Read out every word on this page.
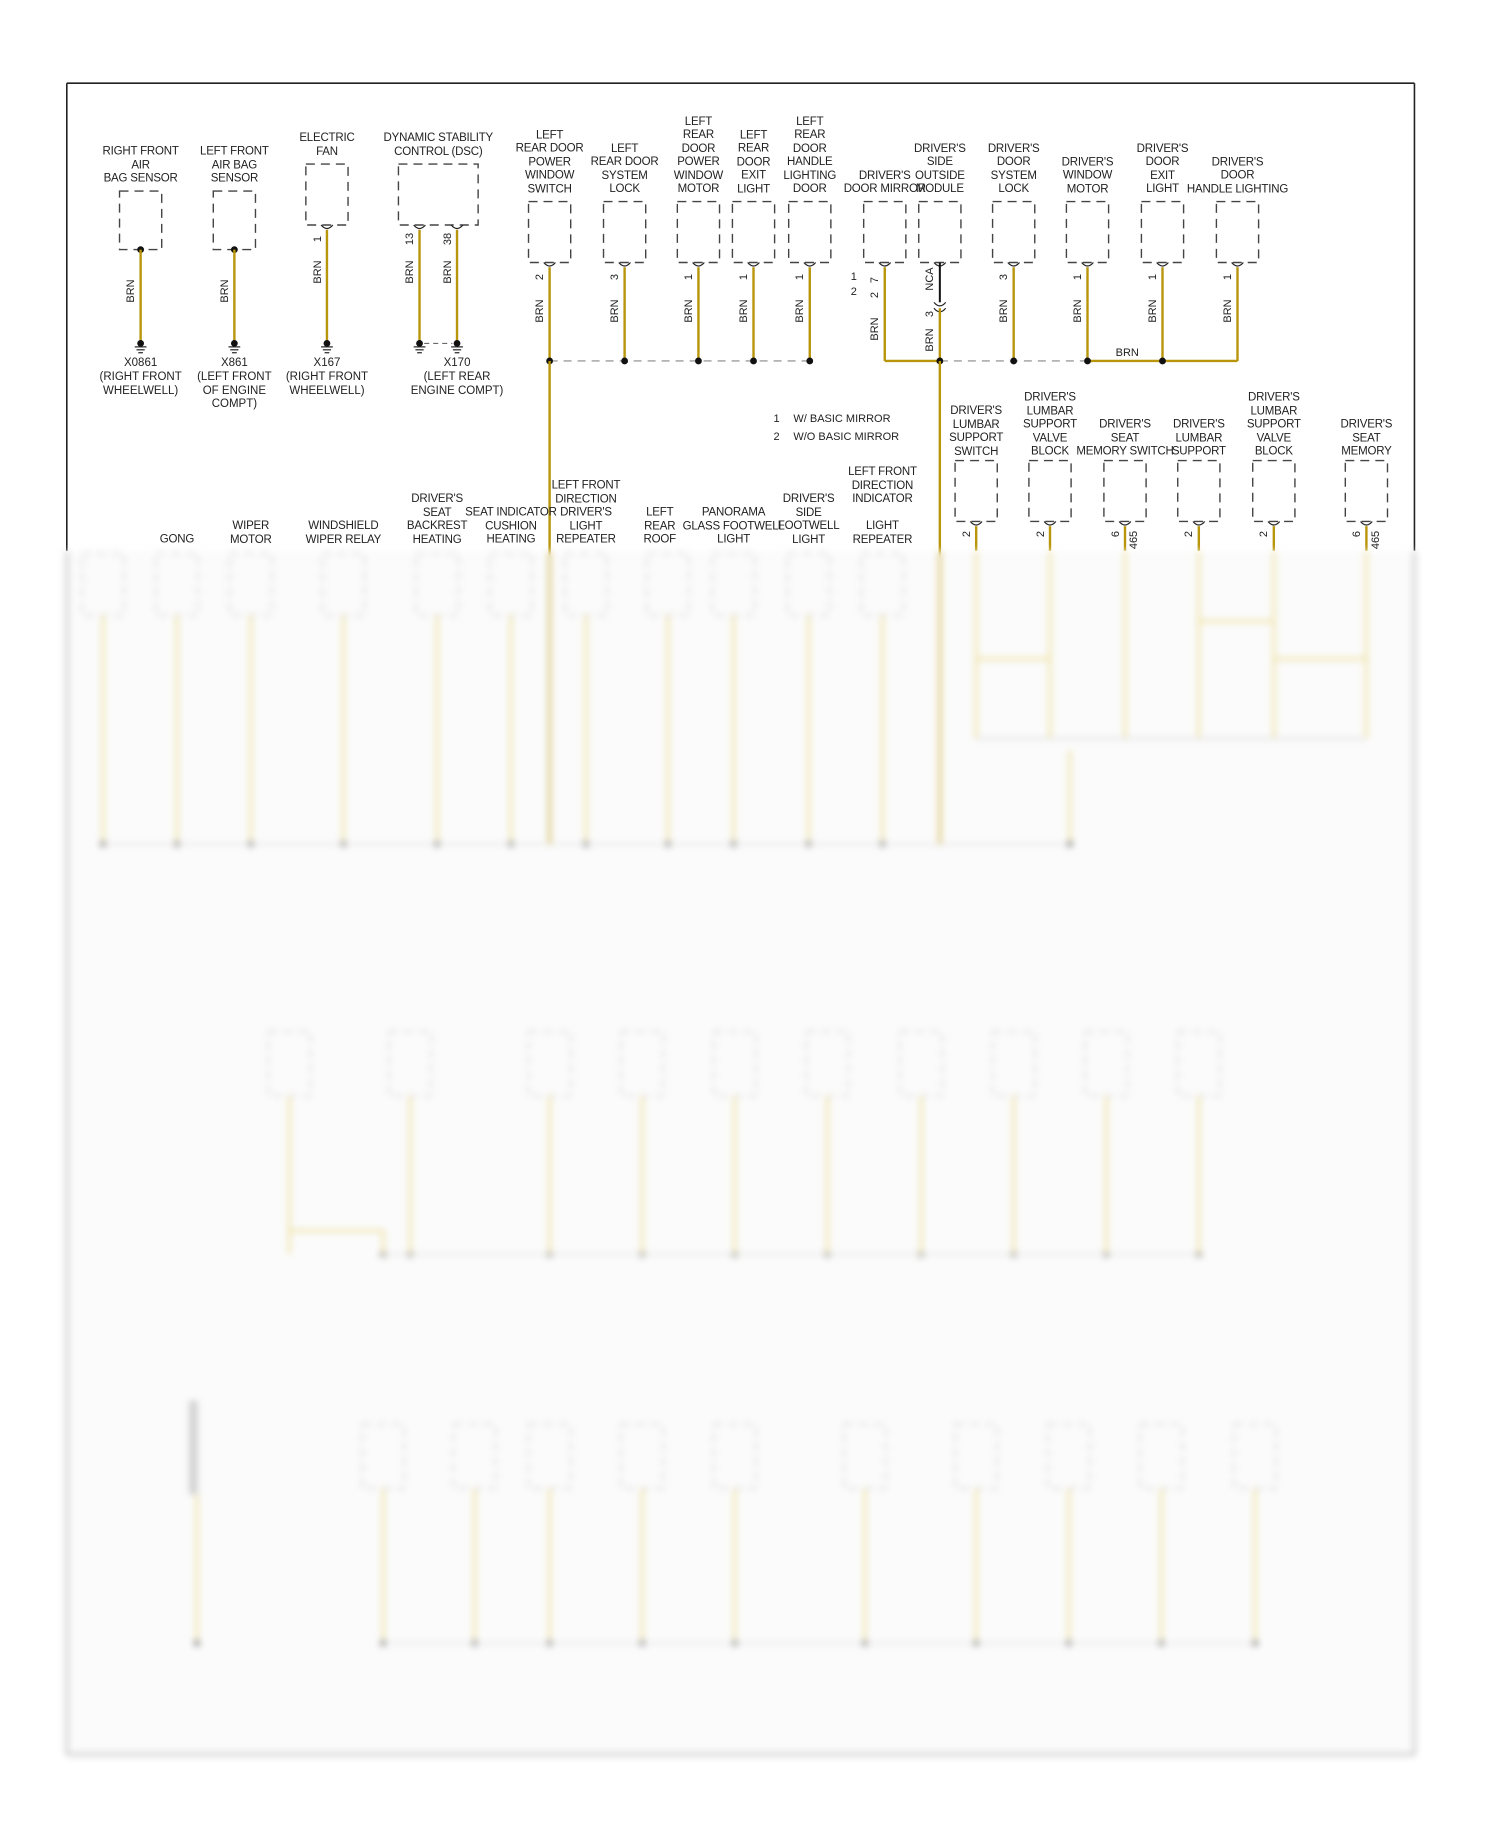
RIGHT FRONT
AIR
BAG SENSOR
BRN
X0861
(RIGHT FRONT
WHEELWELL)
LEFT FRONT
AIR BAG
SENSOR
BRN
X861
(LEFT FRONT
OF ENGINE
COMPT)
ELECTRIC
FAN
1
BRN
X167
(RIGHT FRONT
WHEELWELL)
DYNAMIC STABILITY
CONTROL (DSC)
13
BRN
38
BRN
X170
(LEFT REAR
ENGINE COMPT)
LEFT
REAR DOOR
POWER
WINDOW
SWITCH
2
BRN
LEFT
REAR DOOR
SYSTEM
LOCK
3
BRN
LEFT
REAR
DOOR
POWER
WINDOW
MOTOR
1
BRN
LEFT
REAR
DOOR
EXIT
LIGHT
1
BRN
LEFT
REAR
DOOR
HANDLE
LIGHTING
DOOR
1
BRN
DRIVER'S
DOOR MIRROR
7
2
1
2
BRN
DRIVER'S
SIDE
OUTSIDE
MODULE
NCA
3
BRN
DRIVER'S
DOOR
SYSTEM
LOCK
3
BRN
DRIVER'S
WINDOW
MOTOR
1
BRN
DRIVER'S
DOOR
EXIT
LIGHT
1
BRN
DRIVER'S
DOOR
HANDLE LIGHTING
1
BRN
BRN
1 W/ BASIC MIRROR
2 W/O BASIC MIRROR
DRIVER'S
LUMBAR
SUPPORT
SWITCH
2
DRIVER'S
LUMBAR
SUPPORT
VALVE
BLOCK
2
DRIVER'S
SEAT
MEMORY SWITCH
6 465
DRIVER'S
LUMBAR
SUPPORT
2
DRIVER'S
LUMBAR
SUPPORT
VALVE
BLOCK
2
DRIVER'S
SEAT
MEMORY
6 465
GONG
WIPER
MOTOR
WINDSHIELD
WIPER RELAY
DRIVER'S
SEAT
BACKREST
HEATING
SEAT INDICATOR
CUSHION
HEATING
LEFT FRONT
DIRECTION
DRIVER'S
LIGHT
REPEATER
LEFT
REAR
ROOF
PANORAMA
GLASS FOOTWELL
LIGHT
DRIVER'S
SIDE
FOOTWELL
LIGHT
LEFT FRONT
DIRECTION
INDICATOR

LIGHT
REPEATER
